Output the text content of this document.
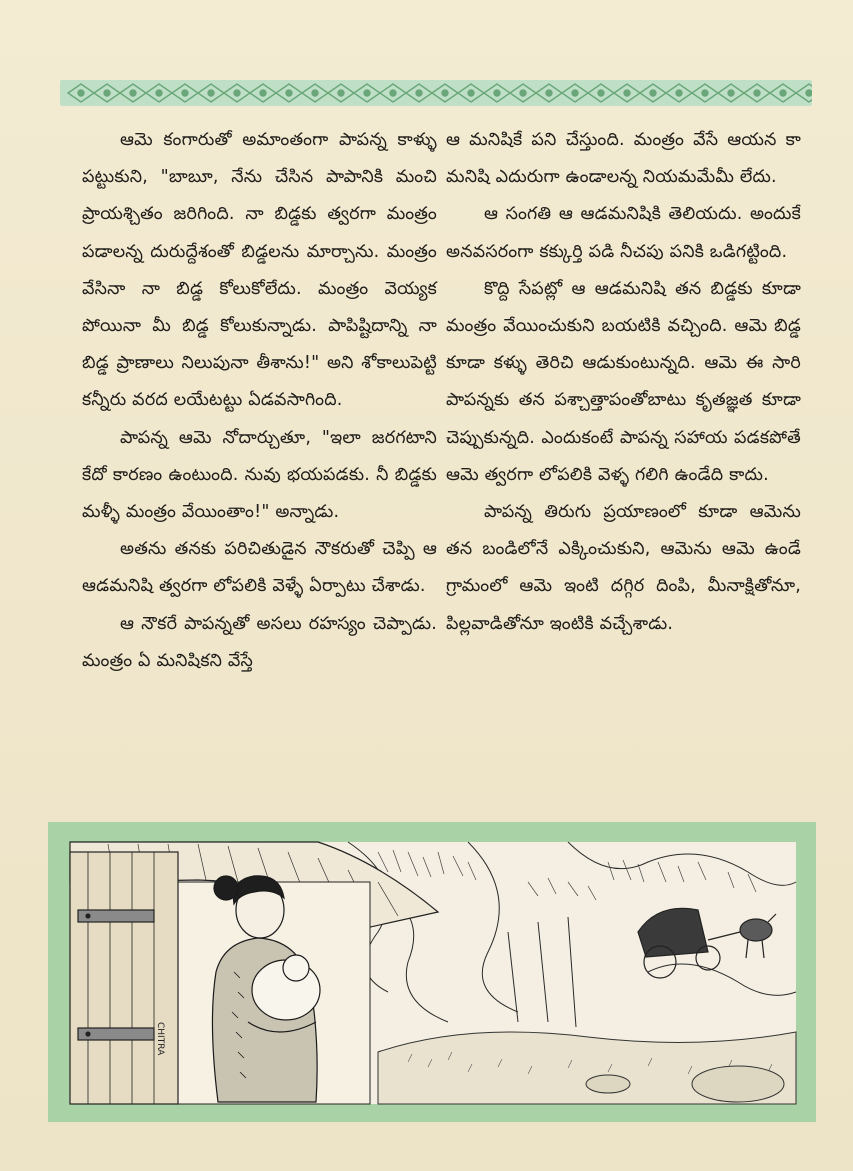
ఆమె కంగారుతో అమాంతంగా పాపన్న కాళ్ళు పట్టుకుని, "బాబూ, నేను చేసిన పాపానికి మంచి ప్రాయశ్చితం జరిగింది. నా బిడ్డకు త్వరగా మంత్రం పడాలన్న దురుద్దేశంతో బిడ్డలను మార్చాను. మంత్రం వేసినా నా బిడ్డ కోలుకోలేదు. మంత్రం వెయ్యక పోయినా మీ బిడ్డ కోలుకున్నాడు. పాపిష్టిదాన్ని నా బిడ్డ ప్రాణాలు నిలుపునా తీశాను!" అని శోకాలుపెట్టి కన్నీరు వరద లయేటట్టు ఏడవసాగింది.

పాపన్న ఆమె నోదార్చుతూ, "ఇలా జరగటాని కేదో కారణం ఉంటుంది. నువు భయపడకు. నీ బిడ్డకు మళ్ళీ మంత్రం వేయింతాం!" అన్నాడు.

అతను తనకు పరిచితుడైన నౌకరుతో చెప్పి ఆ ఆడమనిషి త్వరగా లోపలికి వెళ్ళే ఏర్పాటు చేశాడు.

ఆ నౌకరే పాపన్నతో అసలు రహస్యం చెప్పాడు. మంత్రం ఏ మనిషికని వేస్తే

ఆ మనిషికే పని చేస్తుంది. మంత్రం వేసే ఆయన కా మనిషి ఎదురుగా ఉండాలన్న నియమమేమీ లేదు.

ఆ సంగతి ఆ ఆడమనిషికి తెలియదు. అందుకే అనవసరంగా కక్కుర్తి పడి నీచపు పనికి ఒడిగట్టింది.

కొద్ది సేపట్లో ఆ ఆడమనిషి తన బిడ్డకు కూడా మంత్రం వేయించుకుని బయటికి వచ్చింది. ఆమె బిడ్డ కూడా కళ్ళు తెరిచి ఆడుకుంటున్నది. ఆమె ఈ సారి పాపన్నకు తన పశ్చాత్తాపంతోబాటు కృతజ్ఞత కూడా చెప్పుకున్నది. ఎందుకంటే పాపన్న సహాయ పడకపోతే ఆమె త్వరగా లోపలికి వెళ్ళ గలిగి ఉండేది కాదు.

పాపన్న తిరుగు ప్రయాణంలో కూడా ఆమెను తన బండిలోనే ఎక్కించుకుని, ఆమెను ఆమె ఉండే గ్రామంలో ఆమె ఇంటి దగ్గిర దింపి, మీనాక్షితోనూ, పిల్లవాడితోనూ ఇంటికి వచ్చేశాడు.

CHITRA
